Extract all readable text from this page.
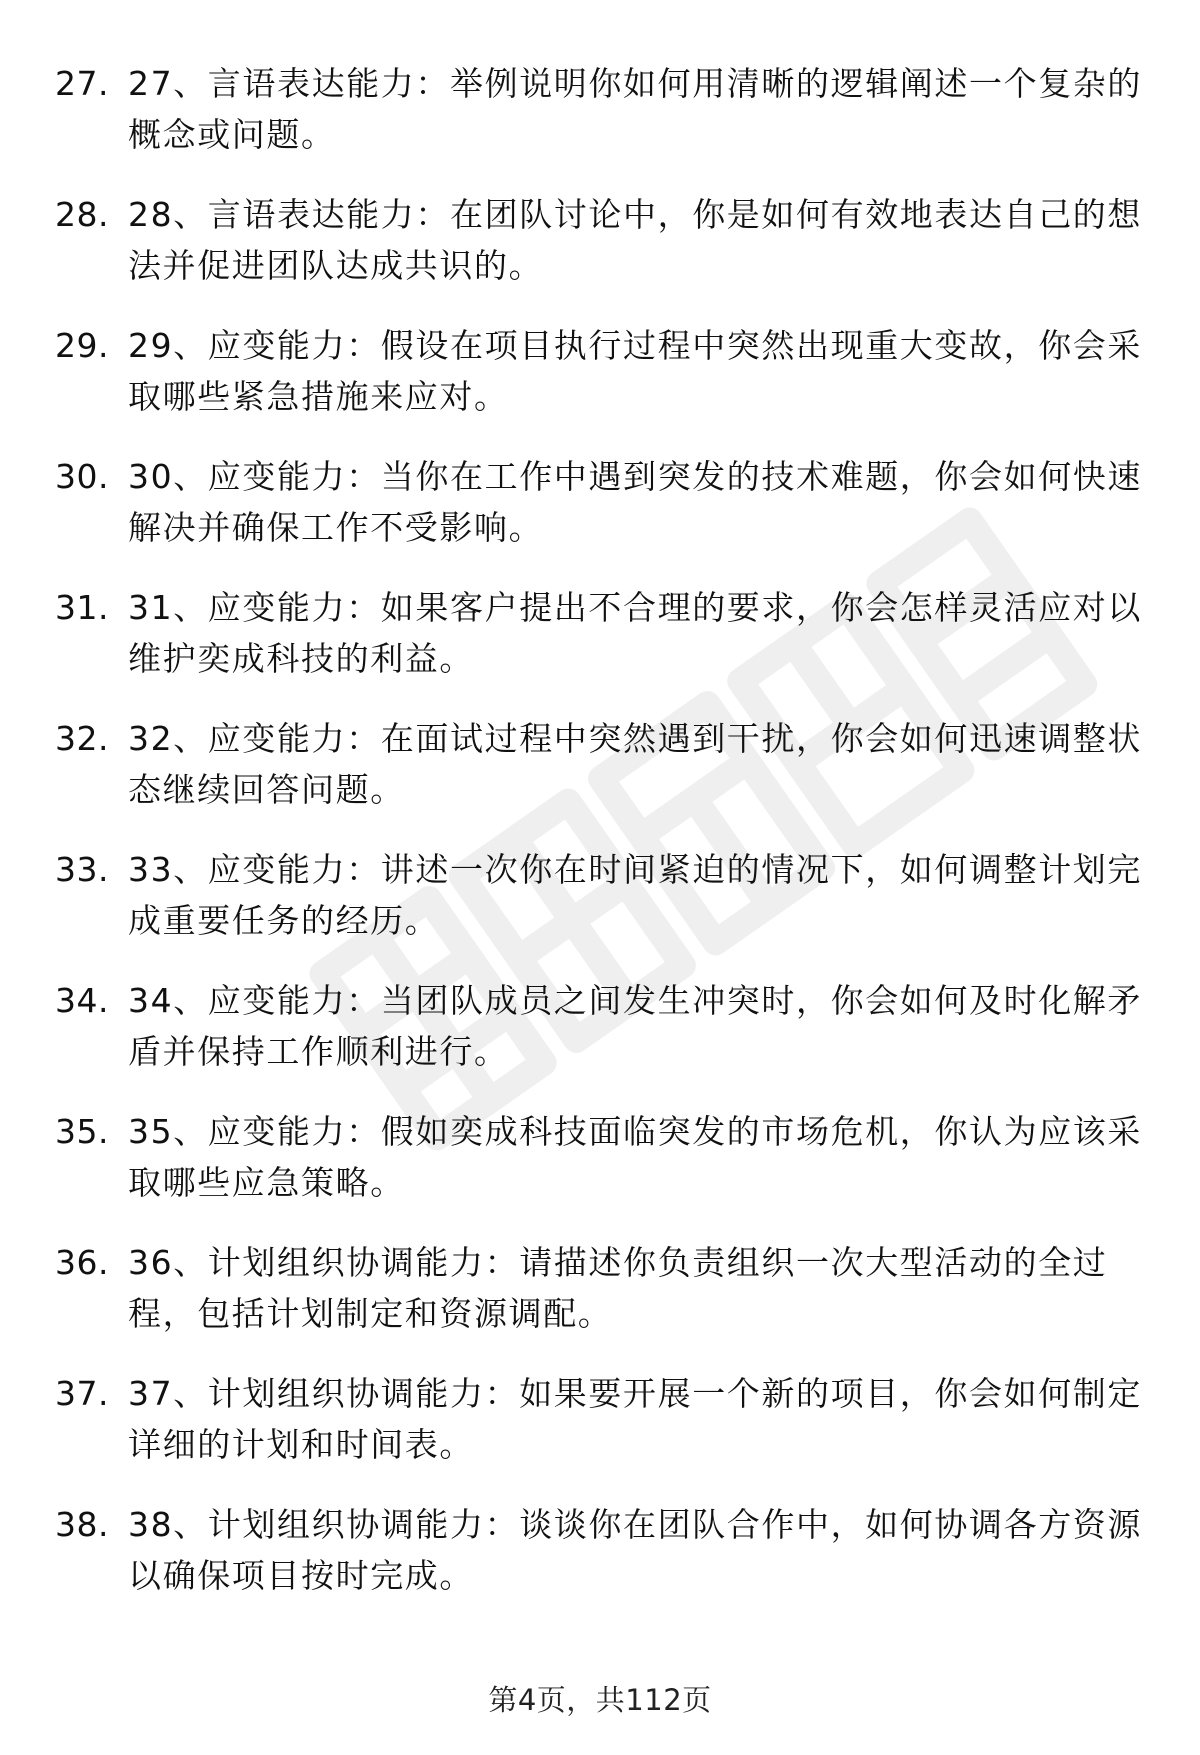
27. 27、言语表达能力：举例说明你如何用清晰的逻辑阐述一个复杂的概念或问题。
28. 28、言语表达能力：在团队讨论中，你是如何有效地表达自己的想法并促进团队达成共识的。
29. 29、应变能力：假设在项目执行过程中突然出现重大变故，你会采取哪些紧急措施来应对。
30. 30、应变能力：当你在工作中遇到突发的技术难题，你会如何快速解决并确保工作不受影响。
31. 31、应变能力：如果客户提出不合理的要求，你会怎样灵活应对以维护奕成科技的利益。
32. 32、应变能力：在面试过程中突然遇到干扰，你会如何迅速调整状态继续回答问题。
33. 33、应变能力：讲述一次你在时间紧迫的情况下，如何调整计划完成重要任务的经历。
34. 34、应变能力：当团队成员之间发生冲突时，你会如何及时化解矛盾并保持工作顺利进行。
35. 35、应变能力：假如奕成科技面临突发的市场危机，你认为应该采取哪些应急策略。
36. 36、计划组织协调能力：请描述你负责组织一次大型活动的全过程，包括计划制定和资源调配。
37. 37、计划组织协调能力：如果要开展一个新的项目，你会如何制定详细的计划和时间表。
38. 38、计划组织协调能力：谈谈你在团队合作中，如何协调各方资源以确保项目按时完成。
第4页，共112页
